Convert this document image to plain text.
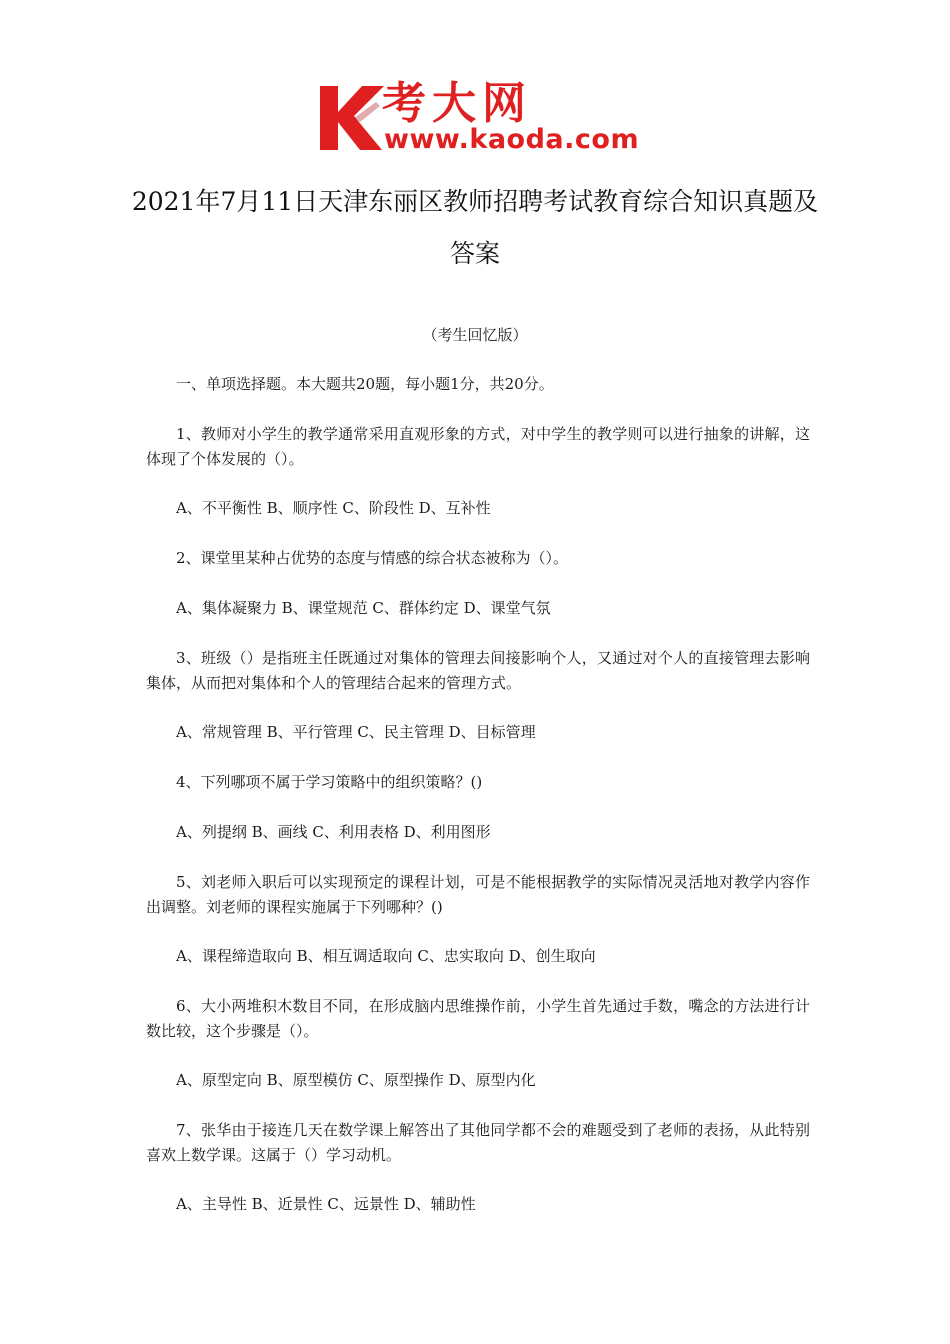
考大网
www.kaoda.com
2021年7月11日天津东丽区教师招聘考试教育综合知识真题及答案
（考生回忆版）
一、单项选择题。本大题共20题，每小题1分，共20分。
1、教师对小学生的教学通常采用直观形象的方式，对中学生的教学则可以进行抽象的讲解，这体现了个体发展的（）。
A、不平衡性 B、顺序性 C、阶段性 D、互补性
2、课堂里某种占优势的态度与情感的综合状态被称为（）。
A、集体凝聚力 B、课堂规范 C、群体约定 D、课堂气氛
3、班级（）是指班主任既通过对集体的管理去间接影响个人，又通过对个人的直接管理去影响集体，从而把对集体和个人的管理结合起来的管理方式。
A、常规管理 B、平行管理 C、民主管理 D、目标管理
4、下列哪项不属于学习策略中的组织策略？()
A、列提纲 B、画线 C、利用表格 D、利用图形
5、刘老师入职后可以实现预定的课程计划，可是不能根据教学的实际情况灵活地对教学内容作出调整。刘老师的课程实施属于下列哪种？()
A、课程缔造取向 B、相互调适取向 C、忠实取向 D、创生取向
6、大小两堆积木数目不同，在形成脑内思维操作前，小学生首先通过手数，嘴念的方法进行计数比较，这个步骤是（）。
A、原型定向 B、原型模仿 C、原型操作 D、原型内化
7、张华由于接连几天在数学课上解答出了其他同学都不会的难题受到了老师的表扬，从此特别喜欢上数学课。这属于（）学习动机。
A、主导性 B、近景性 C、远景性 D、辅助性
